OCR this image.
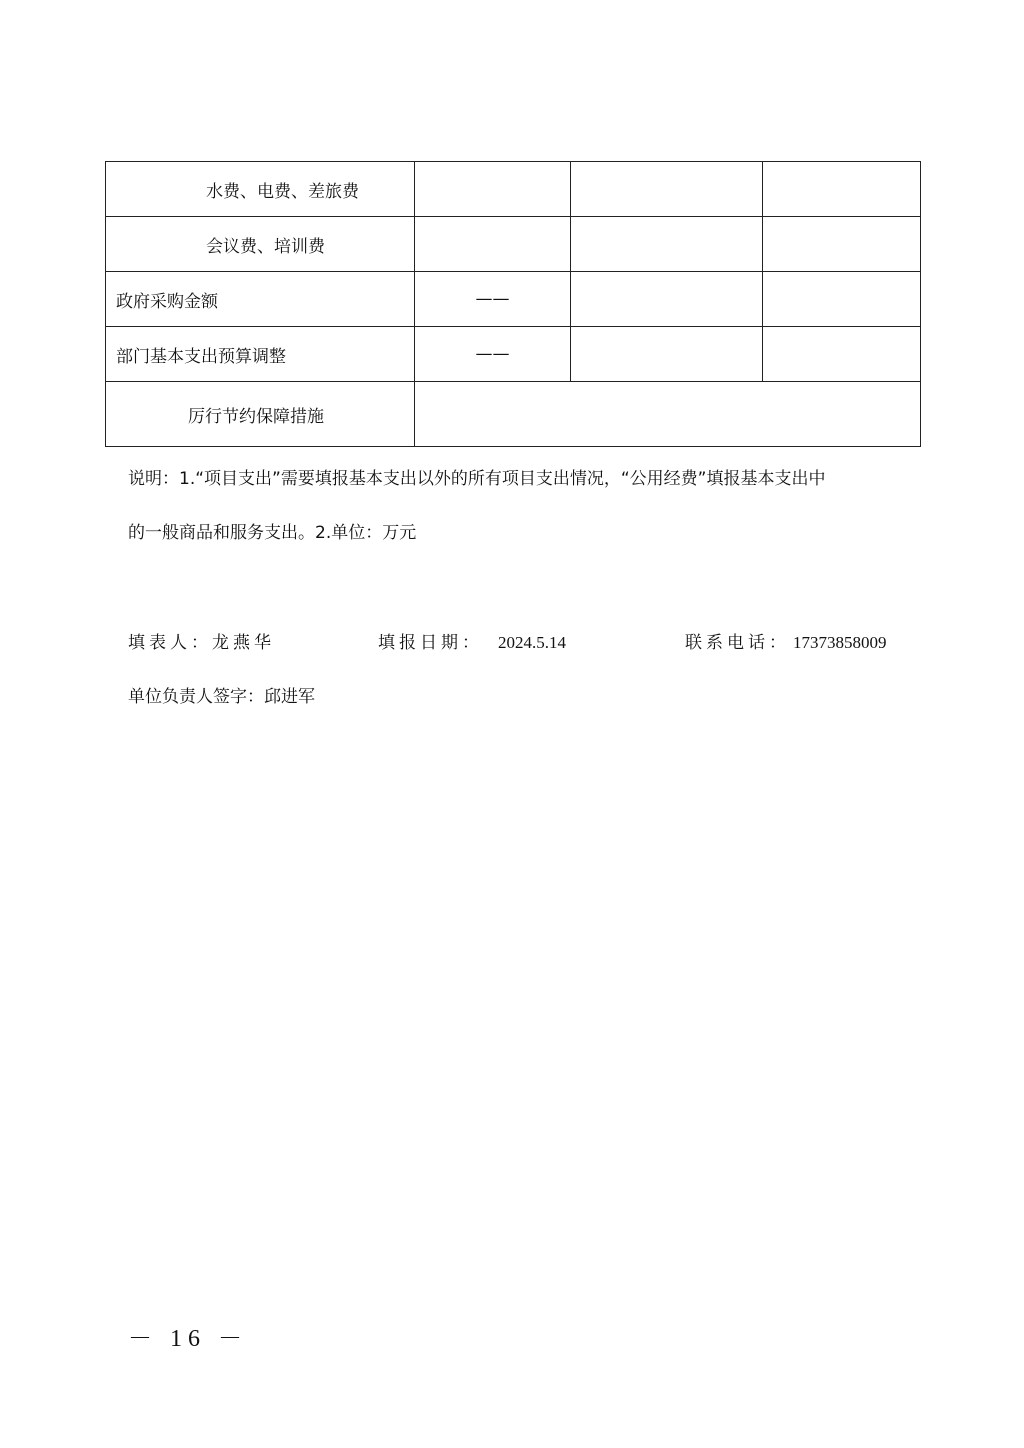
水费、电费、差旅费			
会议费、培训费			
政府采购金额	——		
部门基本支出预算调整	——		
厉行节约保障措施			
说明：1.“项目支出”需要填报基本支出以外的所有项目支出情况，“公用经费”填报基本支出中
的一般商品和服务支出。2.单位：万元
填表人：龙燕华	填报日期： 2024.5.14	联系电话： 17373858009
单位负责人签字：邱进军
－ 16 －
